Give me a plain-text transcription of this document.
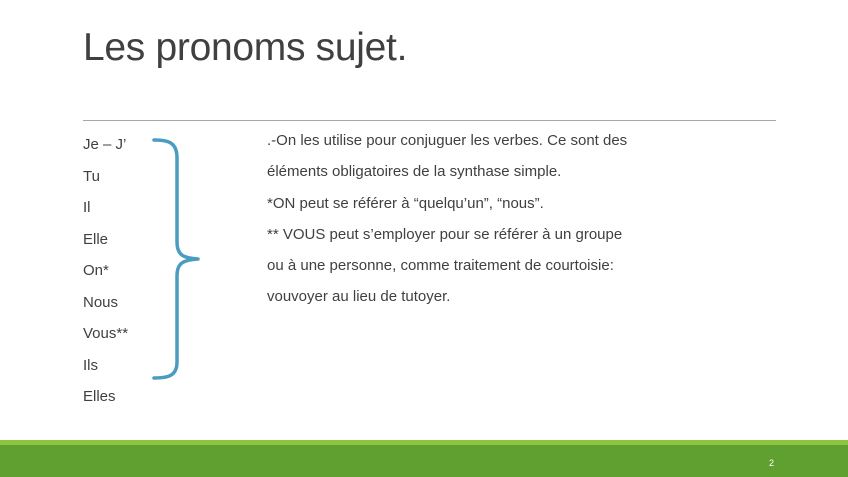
Les pronoms sujet.
Je – J’
Tu
Il
Elle
On*
Nous
Vous**
Ils
Elles

.-On les utilise pour conjuguer les verbes. Ce sont des

éléments obligatoires de la synthase simple.

*ON peut se référer à “quelqu’un”, “nous”.

** VOUS peut s’employer pour se référer à un groupe

ou à une personne, comme traitement de courtoisie:

vouvoyer au lieu de tutoyer.

2
